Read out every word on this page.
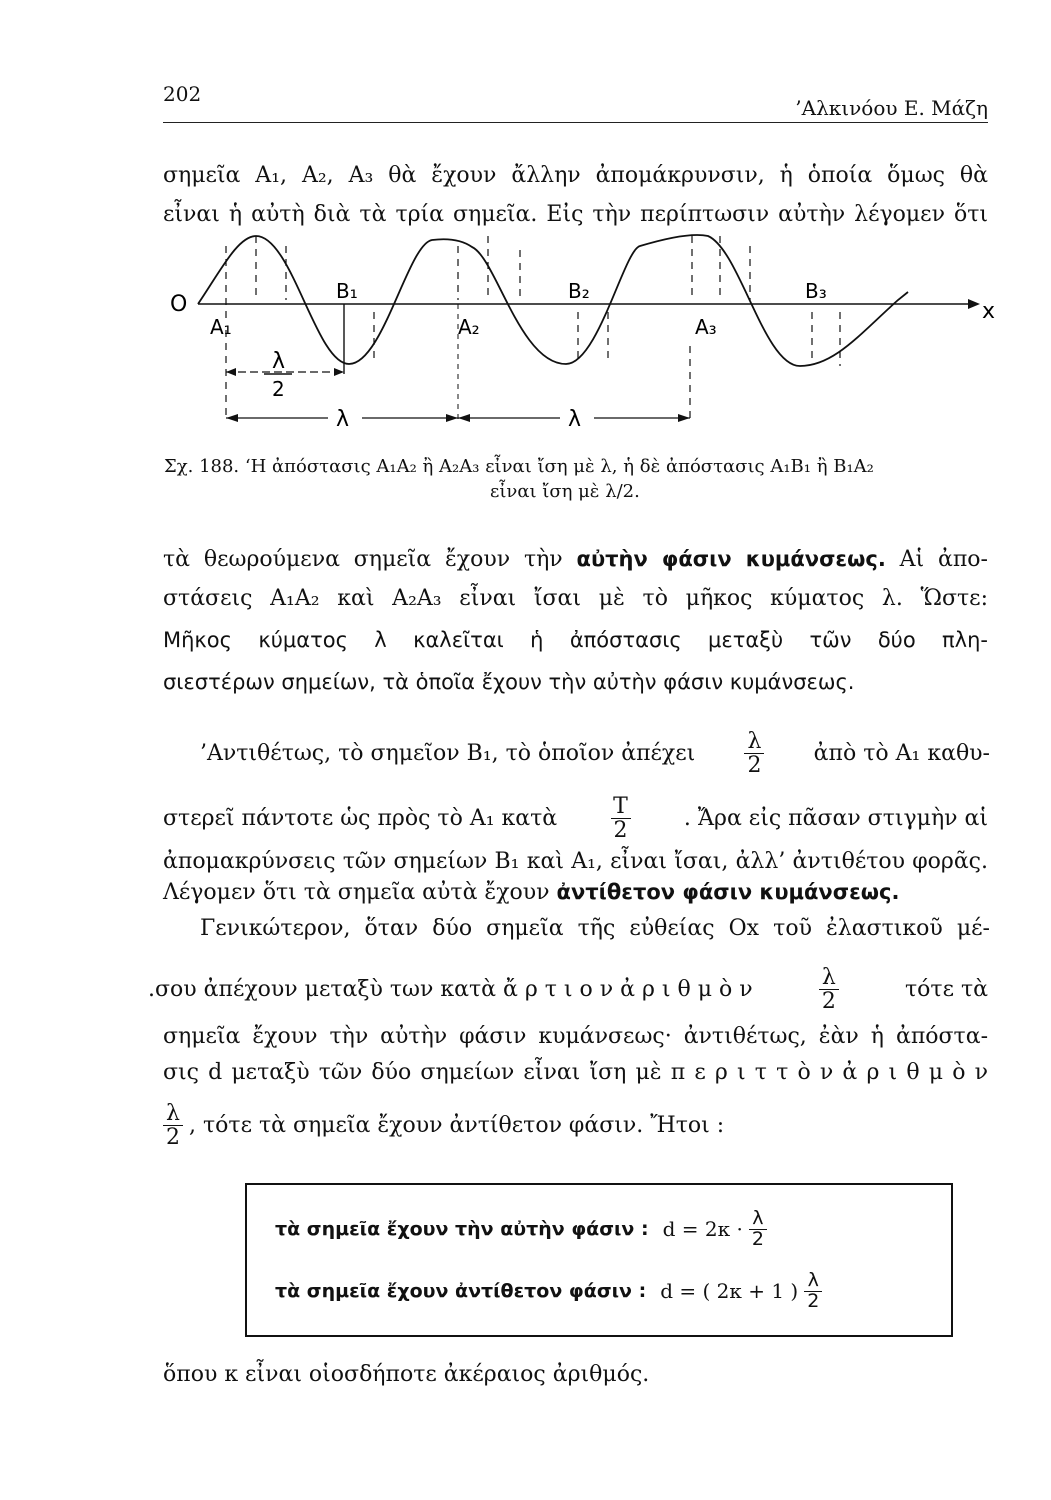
202
’Αλκινόου Ε. Μάζη
σημεῖα Α₁, Α₂, Α₃ θὰ ἔχουν ἄλλην ἀπομάκρυνσιν, ἡ ὁποία ὅμως θὰ
εἶναι ἡ αὐτὴ διὰ τὰ τρία σημεῖα. Εἰς τὴν περίπτωσιν αὐτὴν λέγομεν ὅτι
O	x
A₁	A₂	A₃
B₁	B₂	B₃
λ
2
λ	λ
Σχ. 188. ‘Η ἀπόστασις Α₁Α₂ ἢ Α₂Α₃ εἶναι ἴση μὲ λ, ἡ δὲ ἀπόστασις Α₁Β₁ ἢ Β₁Α₂
εἶναι ἴση μὲ λ/2.
τὰ θεωρούμενα σημεῖα ἔχουν τὴν αὐτὴν φάσιν κυμάνσεως. Αἱ ἀπο-
στάσεις Α₁Α₂ καὶ Α₂Α₃ εἶναι ἴσαι μὲ τὸ μῆκος κύματος λ. Ὥστε:
Μῆκος κύματος λ καλεῖται ἡ ἀπόστασις μεταξὺ τῶν δύο πλη-
σιεστέρων σημείων, τὰ ὁποῖα ἔχουν τὴν αὐτὴν φάσιν κυμάνσεως.
’Αντιθέτως, τὸ σημεῖον Β₁, τὸ ὁποῖον ἀπέχει $\frac{\lambda}{2}$ ἀπὸ τὸ Α₁ καθυ-
στερεῖ πάντοτε ὡς πρὸς τὸ Α₁ κατὰ $\frac{T}{2}$ . Ἄρα εἰς πᾶσαν στιγμὴν αἱ
ἀπομακρύνσεις τῶν σημείων Β₁ καὶ Α₁, εἶναι ἴσαι, ἀλλ’ ἀντιθέτου φορᾶς.
Λέγομεν ὅτι τὰ σημεῖα αὐτὰ ἔχουν ἀντίθετον φάσιν κυμάνσεως.
Γενικώτερον, ὅταν δύο σημεῖα τῆς εὐθείας Οx τοῦ ἐλαστικοῦ μέ-
.σου ἀπέχουν μεταξὺ των κατὰ ἄ ρ τ ι ο ν ἀ ρ ι θ μ ὸ ν	$\frac{\lambda}{2}$	τότε τὰ
σημεῖα ἔχουν τὴν αὐτὴν φάσιν κυμάνσεως· ἀντιθέτως, ἐὰν ἡ ἀπόστα-
σις d μεταξὺ τῶν δύο σημείων εἶναι ἴση μὲ π ε ρ ι τ τ ὸ ν ἀ ρ ι θ μ ὸ ν
$\frac{\lambda}{2}$ , τότε τὰ σημεῖα ἔχουν ἀντίθετον φάσιν. Ἤτοι :
τὰ σημεῖα ἔχουν τὴν αὐτὴν φάσιν : $d = 2\kappa \cdot \frac{\lambda}{2}$
τὰ σημεῖα ἔχουν ἀντίθετον φάσιν : d = ( 2κ + 1 ) $\frac{\lambda}{2}$
ὅπου κ εἶναι οἱοσδήποτε ἀκέραιος ἀριθμός.
